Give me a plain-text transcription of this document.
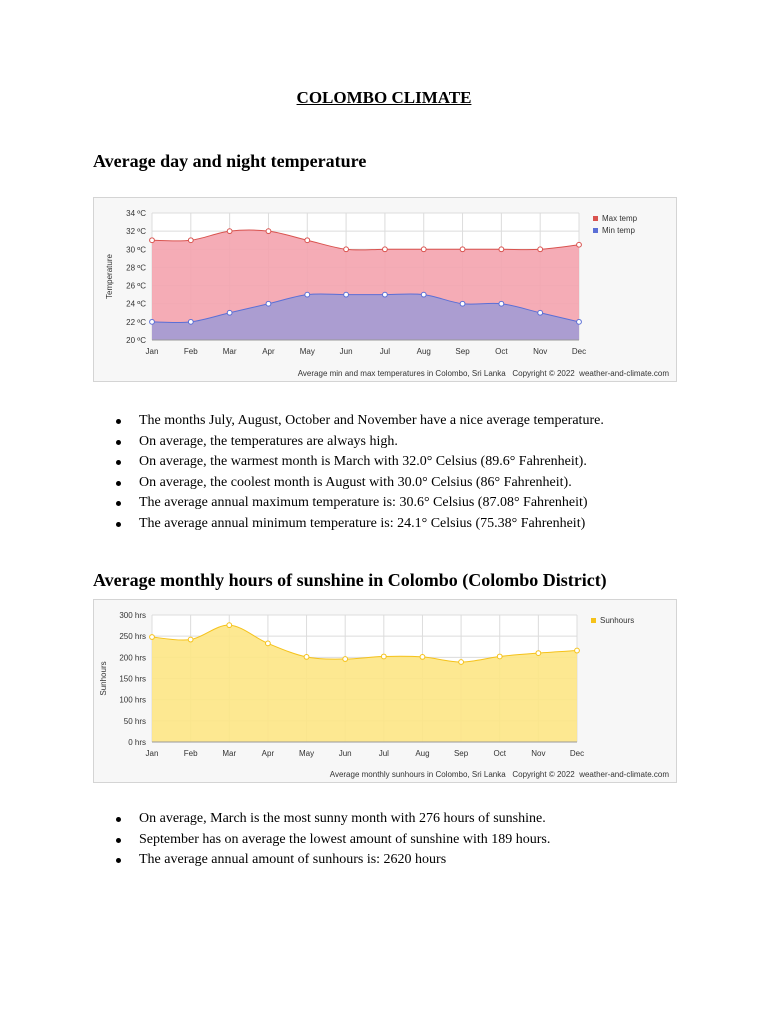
COLOMBO CLIMATE
Average day and night temperature
20 ºC
22 ºC
24 ºC
26 ºC
28 ºC
30 ºC
32 ºC
34 ºC
Jan	Feb	Mar	Apr	May	Jun	Jul	Aug	Sep	Oct	Nov	Dec
Temperature
Max temp
Min temp
Average min and max temperatures in Colombo, Sri Lanka   Copyright © 2022  weather-and-climate.com
The months July, August, October and November have a nice average temperature.
On average, the temperatures are always high.
On average, the warmest month is March with 32.0° Celsius (89.6° Fahrenheit).
On average, the coolest month is August with 30.0° Celsius (86° Fahrenheit).
The average annual maximum temperature is: 30.6° Celsius (87.08° Fahrenheit)
The average annual minimum temperature is: 24.1° Celsius (75.38° Fahrenheit)
Average monthly hours of sunshine in Colombo (Colombo District)
0 hrs
50 hrs
100 hrs
150 hrs
200 hrs
250 hrs
300 hrs
Jan	Feb	Mar	Apr	May	Jun	Jul	Aug	Sep	Oct	Nov	Dec
Sunhours
Sunhours
Average monthly sunhours in Colombo, Sri Lanka   Copyright © 2022  weather-and-climate.com
On average, March is the most sunny month with 276 hours of sunshine.
September has on average the lowest amount of sunshine with 189 hours.
The average annual amount of sunhours is: 2620 hours
